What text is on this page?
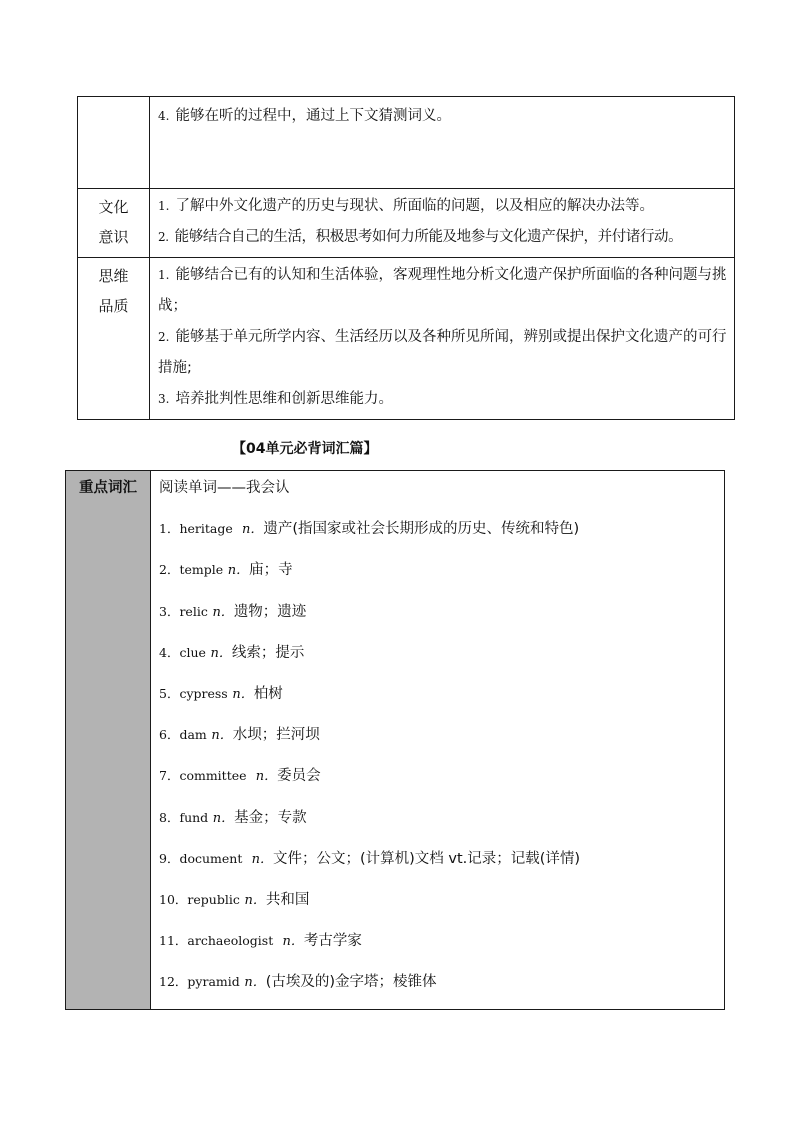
	4. 能够在听的过程中，通过上下文猜测词义。

文化意识	1. 了解中外文化遗产的历史与现状、所面临的问题，以及相应的解决办法等。
2. 能够结合自己的生活，积极思考如何力所能及地参与文化遗产保护，并付诸行动。

思维品质	1. 能够结合已有的认知和生活体验，客观理性地分析文化遗产保护所面临的各种问题与挑战；
2. 能够基于单元所学内容、生活经历以及各种所见所闻，辨别或提出保护文化遗产的可行措施;
3. 培养批判性思维和创新思维能力。
【04单元必背词汇篇】
重点词汇	阅读单词——我会认
1．heritage n．遗产(指国家或社会长期形成的历史、传统和特色)
2．temple n．庙；寺
3．relic n．遗物；遗迹
4．clue n．线索；提示
5．cypress n．柏树
6．dam n．水坝；拦河坝
7．committee n．委员会
8．fund n．基金；专款
9．document n．文件；公文；(计算机)文档 vt.记录；记载(详情)
10．republic n．共和国
11．archaeologist n．考古学家
12．pyramid n．(古埃及的)金字塔；棱锥体
